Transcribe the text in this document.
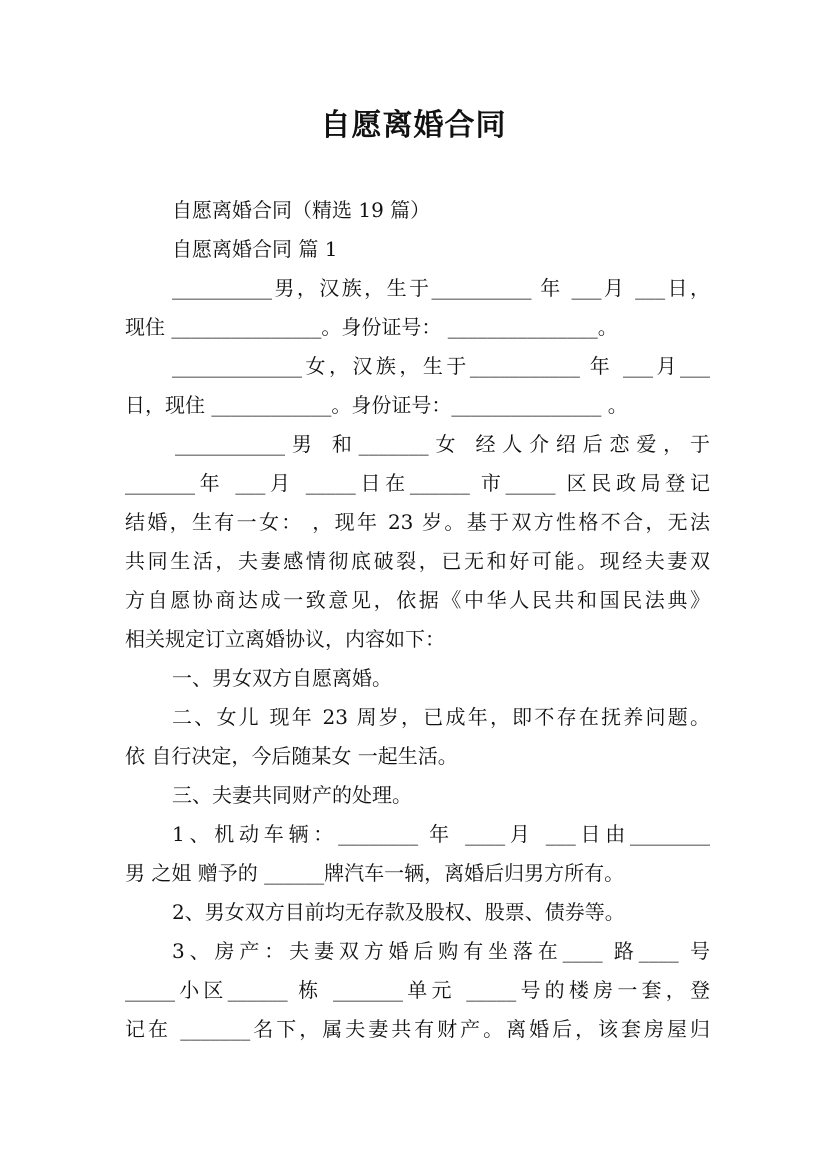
自愿离婚合同
自愿离婚合同（精选 19 篇）
自愿离婚合同 篇 1
__________男，汉族，生于__________ 年 ___月 ___日，
现住 _______________。身份证号： _______________。
_____________女，汉族，生于___________ 年 ___月___
日，现住 ____________。身份证号：_______________ 。
___________男 和_______女 经人介绍后恋爱，于
_______年 ___月 _____日在______ 市_____ 区民政局登记
结婚，生有一女： ，现年 23 岁。基于双方性格不合，无法
共同生活，夫妻感情彻底破裂，已无和好可能。现经夫妻双
方自愿协商达成一致意见，依据《中华人民共和国民法典》
相关规定订立离婚协议，内容如下：
一、男女双方自愿离婚。
二、女儿 现年 23 周岁，已成年，即不存在抚养问题。
依 自行决定，今后随某女 一起生活。
三、夫妻共同财产的处理。
1、机动车辆：________ 年 ____月 ___日由________
男 之姐 赠予的 ______牌汽车一辆，离婚后归男方所有。
2、男女双方目前均无存款及股权、股票、债券等。
3、房产：夫妻双方婚后购有坐落在____ 路____ 号
_____小区______ 栋 _______单元 _____号的楼房一套，登
记在 _______名下，属夫妻共有财产。离婚后，该套房屋归
